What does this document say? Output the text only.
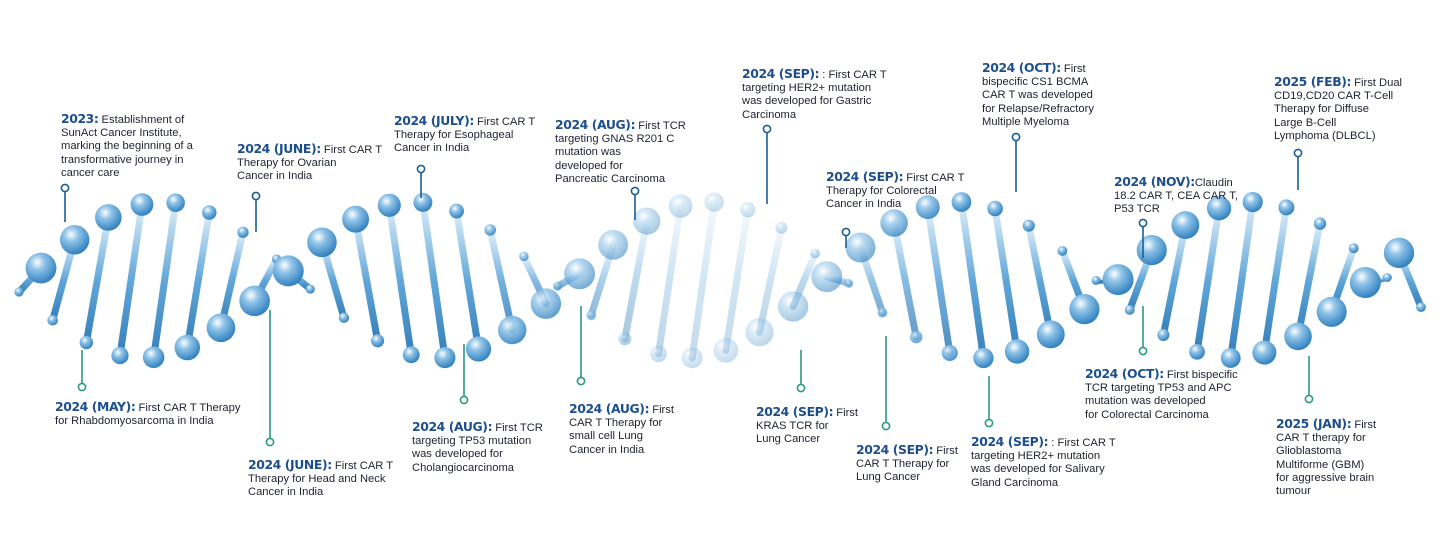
2023: Establishment of
SunAct Cancer Institute,
marking the beginning of a
transformative journey in
cancer care
2024 (MAY): First CAR T Therapy
for Rhabdomyosarcoma in India
2024 (JUNE): First CAR T
Therapy for Ovarian
Cancer in India
2024 (JUNE): First CAR T
Therapy for Head and Neck
Cancer in India
2024 (JULY): First CAR T
Therapy for Esophageal
Cancer in India
2024 (AUG): First TCR
targeting TP53 mutation
was developed for
Cholangiocarcinoma
2024 (AUG): First TCR
targeting GNAS R201 C
mutation was
developed for
Pancreatic Carcinoma
2024 (AUG): First
CAR T Therapy for
small cell Lung
Cancer in India
2024 (SEP): : First CAR T
targeting HER2+ mutation
was developed for Gastric
Carcinoma
2024 (SEP): First
KRAS TCR for
Lung Cancer
2024 (SEP): First CAR T
Therapy for Colorectal
Cancer in India
2024 (SEP): First
CAR T Therapy for
Lung Cancer
2024 (OCT): First
bispecific CS1 BCMA
CAR T was developed
for Relapse/Refractory
Multiple Myeloma
2024 (SEP): : First CAR T
targeting HER2+ mutation
was developed for Salivary
Gland Carcinoma
2024 (NOV):Claudin
18.2 CAR T, CEA CAR T,
P53 TCR
2024 (OCT): First bispecific
TCR targeting TP53 and APC
mutation was developed
for Colorectal Carcinoma
2025 (FEB): First Dual
CD19,CD20 CAR T-Cell
Therapy for Diffuse
Large B-Cell
Lymphoma (DLBCL)
2025 (JAN): First
CAR T therapy for
Glioblastoma
Multiforme (GBM)
for aggressive brain
tumour
